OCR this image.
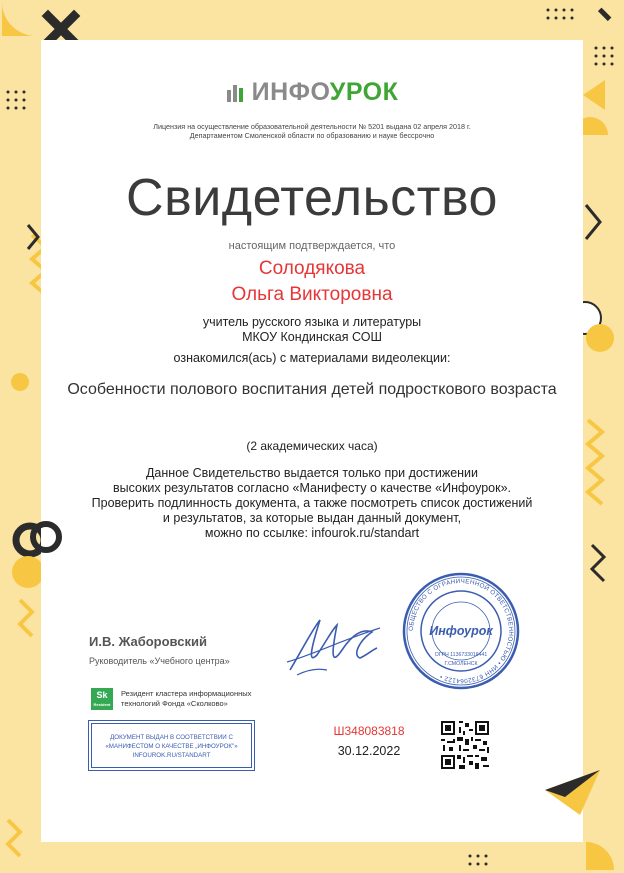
ИНФОУРОК
Лицензия на осуществление образовательной деятельности № 5201 выдана 02 апреля 2018 г.
Департаментом Смоленской области по образованию и науке бессрочно
Свидетельство
настоящим подтверждается, что
Солодякова
Ольга Викторовна
учитель русского языка и литературы
МКОУ Кондинская СОШ
ознакомился(ась) с материалами видеолекции:
Особенности полового воспитания детей подросткового возраста
(2 академических часа)
Данное Свидетельство выдается только при достижении
высоких результатов согласно «Манифесту о качестве «Инфоурок».
Проверить подлинность документа, а также посмотреть список достижений
и результатов, за которые выдан данный документ,
можно по ссылке: infourok.ru/standart
И.В. Жаборовский
Руководитель «Учебного центра»
Sk
Resident
Резидент кластера информационных
технологий Фонда «Сколково»
ДОКУМЕНТ ВЫДАН В СООТВЕТСТВИИ С
«МАНИФЕСТОМ О КАЧЕСТВЕ „ИНФОУРОК"»
INFOUROK.RU/STANDART
Ш348083818
30.12.2022
ОБЩЕСТВО С ОГРАНИЧЕННОЙ ОТВЕТСТВЕННОСТЬЮ • ИНН 6732064122 •
Инфоурок
ОГРН 1136733016441
Г.СМОЛЕНСК
